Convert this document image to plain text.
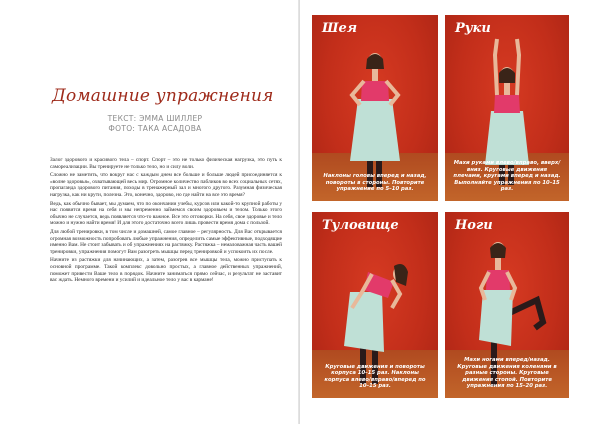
Домашние упражнения
ТЕКСТ: ЭММА ШИЛЛЕР
ФОТО: ТАКА АСАДОВА

Залог здорового и красивого тела – спорт. Спорт – это не только физическая нагрузка, это путь к самореализации. Вы тренируете не только тело, но и силу воли.

Сложно не заметить, что вокруг нас с каждым днем все больше и больше людей присоединяется к «волне здоровья», охватывающей весь мир. Огромное количество пабликов во всех социальных сетях, пропаганда здорового питания, походы в тренажерный зал и многого другого. Разумная физическая нагрузка, как ни крути, полезна. Это, конечно, здорово, но где найти на все это время?

Ведь, как обычно бывает, мы думаем, что по окончании учебы, курсов или какой-то крупной работы у нас появится время на себя и мы непременно займемся своим здоровьем и телом. Только этого обычно не случается, ведь появляется что-то важное. Все это отговорки. На себя, свое здоровье и тело можно и нужно найти время! И для этого достаточно всего лишь провести время дома с пользой.

Для любой тренировки, в том числе и домашней, самое главное – регулярность. Для Вас открывается огромная возможность попробовать любые упражнения, определить самые эффективные, подходящие именно Вам. Не стоит забывать и об упражнениях на растяжку. Растяжка – немаловажная часть вашей тренировки, упражнения помогут Вам разогреть мышцы перед тренировкой и успокоить их после.

Начните из растяжки для начинающих, а затем, разогрев все мышцы тела, можно приступать к основной программе. Такой комплекс довольно простых, а главное действенных упражнений, поможет привести Ваше тело в порядок. Начните заниматься прямо сейчас, и результат не заставит вас ждать. Немного времени и усилий и идеальное тело у вас в кармане!

Шея
Наклоны головы вперед и назад, повороты в стороны. Повторите упражнение по 5–10 раз.
Руки
Махи руками влево/вправо, вверх/вниз. Круговые движения плечами, кругами вперед и назад. Выполняйте упражнения по 10–15 раз.
Туловище
Круговые движения и повороты корпуса 10–15 раз. Наклоны корпуса влево/вправо/вперед по 10–15 раз.
Ноги
Махи ногами вперед/назад. Круговые движения коленями в разные стороны. Круговые движения стопой. Повторите упражнения по 15–20 раз.
